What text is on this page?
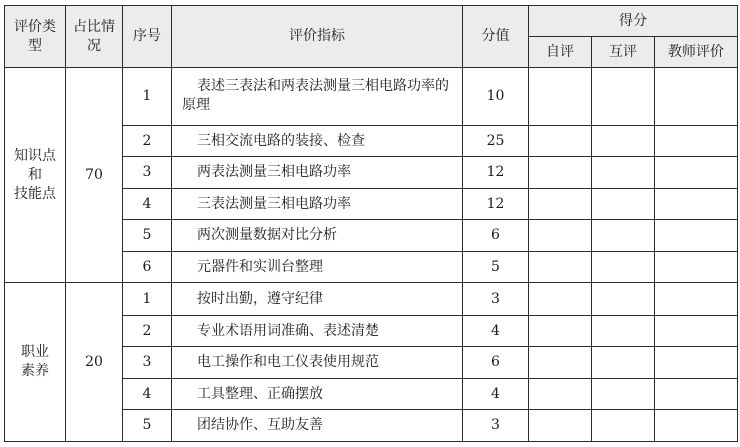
评价类型	占比情况	序号	评价指标	分值	得分		
					自评	互评	教师评价

知识点
和
技能点	70	1	表述三表法和两表法测量三相电路功率的原理	10			
		2	三相交流电路的装接、检查	25			
		3	两表法测量三相电路功率	12			
		4	三表法测量三相电路功率	12			
		5	两次测量数据对比分析	6			
		6	元器件和实训台整理	5			

职业
素养	20	1	按时出勤，遵守纪律	3			
		2	专业术语用词准确、表述清楚	4			
		3	电工操作和电工仪表使用规范	6			
		4	工具整理、正确摆放	4			
		5	团结协作、互助友善	3			
